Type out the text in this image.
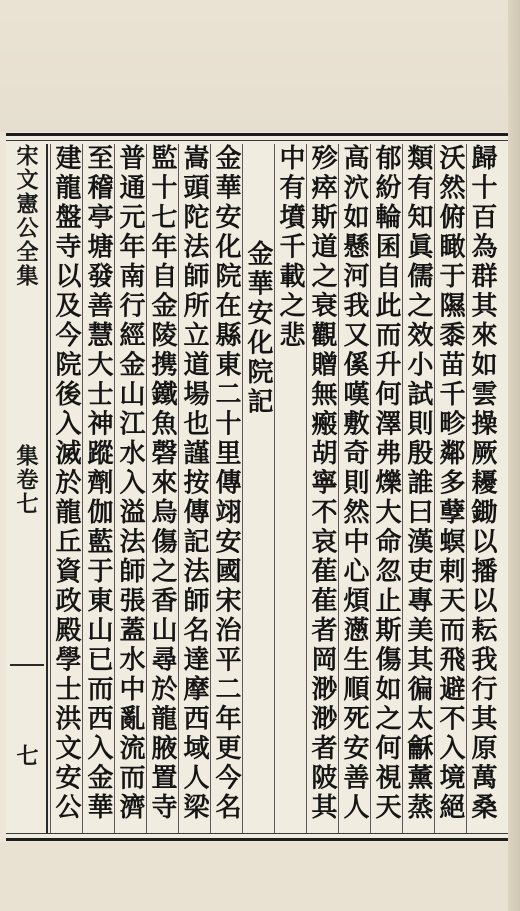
宋文憲公全集
集卷七
七	歸十百為群其來如雲操厥耰鋤以播以耘我行其原萬桑
沃然俯瞰于隰黍苗千畛鄰多孽螟剌天而飛避不入境絕
類有知眞儒之效小試則殷誰曰漢吏專美其徧太龢薰蒸
郁紛輪囷自此而升何澤弗爍大命忽止斯傷如之何視天
高泬如懸河我又傒嘆敷奇則然中心煩懣生順死安善人
殄瘁斯道之衰觀贈無瘢胡寧不哀萑萑者岡渺渺者陂其
中有墳千載之悲
金華安化院記
金華安化院在縣東二十里傳翊安國宋治平二年更今名
嵩頭陀法師所立道場也謹按傳記法師名達摩西域人梁
監十七年自金陵携鐵魚磬來烏傷之香山尋於龍腋置寺
普通元年南行經金山江水入溢法師張蓋水中亂流而濟
至稽亭塘發善慧大士神蹤劑伽藍于東山已而西入金華
建龍盤寺以及今院後入滅於龍丘資政殿學士洪文安公
